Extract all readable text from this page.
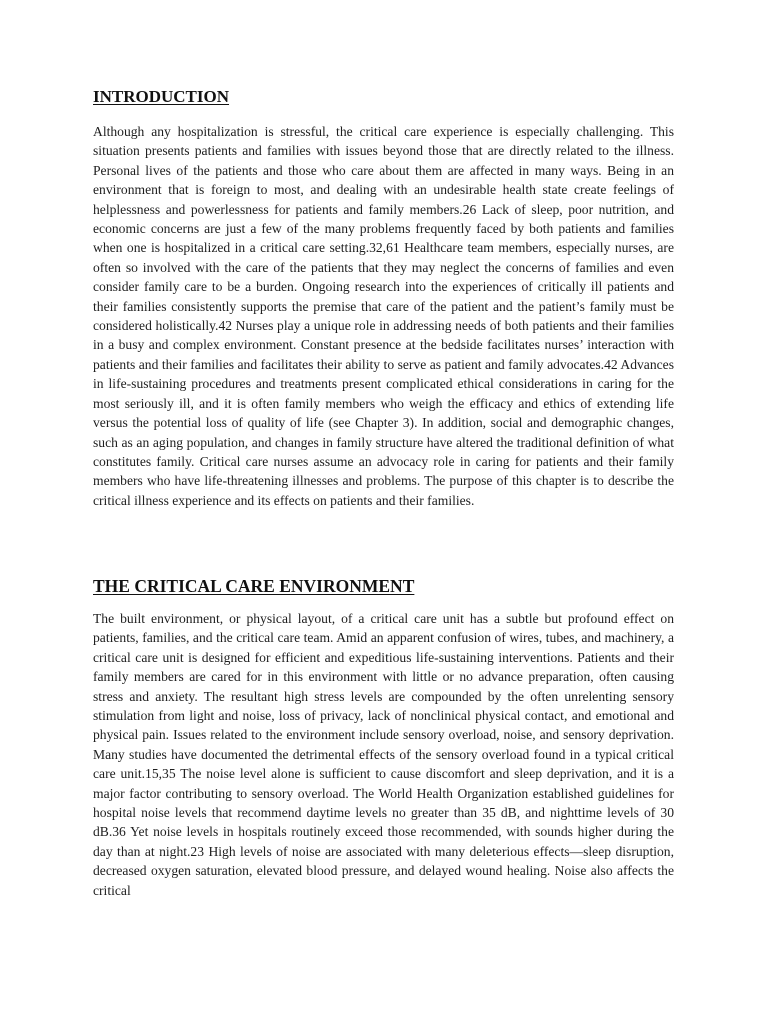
INTRODUCTION

Although any hospitalization is stressful, the critical care experience is especially challenging. This situation presents patients and families with issues beyond those that are directly related to the illness. Personal lives of the patients and those who care about them are affected in many ways. Being in an environment that is foreign to most, and dealing with an undesirable health state create feelings of helplessness and powerlessness for patients and family members.26 Lack of sleep, poor nutrition, and economic concerns are just a few of the many problems frequently faced by both patients and families when one is hospitalized in a critical care setting.32,61 Healthcare team members, especially nurses, are often so involved with the care of the patients that they may neglect the concerns of families and even consider family care to be a burden. Ongoing research into the experiences of critically ill patients and their families consistently supports the premise that care of the patient and the patient’s family must be considered holistically.42 Nurses play a unique role in addressing needs of both patients and their families in a busy and complex environment. Constant presence at the bedside facilitates nurses’ interaction with patients and their families and facilitates their ability to serve as patient and family advocates.42 Advances in life-sustaining procedures and treatments present complicated ethical considerations in caring for the most seriously ill, and it is often family members who weigh the efficacy and ethics of extending life versus the potential loss of quality of life (see Chapter 3). In addition, social and demographic changes, such as an aging population, and changes in family structure have altered the traditional definition of what constitutes family. Critical care nurses assume an advocacy role in caring for patients and their family members who have life-threatening illnesses and problems. The purpose of this chapter is to describe the critical illness experience and its effects on patients and their families.

THE CRITICAL CARE ENVIRONMENT

The built environment, or physical layout, of a critical care unit has a subtle but profound effect on patients, families, and the critical care team. Amid an apparent confusion of wires, tubes, and machinery, a critical care unit is designed for efficient and expeditious life-sustaining interventions. Patients and their family members are cared for in this environment with little or no advance preparation, often causing stress and anxiety. The resultant high stress levels are compounded by the often unrelenting sensory stimulation from light and noise, loss of privacy, lack of nonclinical physical contact, and emotional and physical pain. Issues related to the environment include sensory overload, noise, and sensory deprivation. Many studies have documented the detrimental effects of the sensory overload found in a typical critical care unit.15,35 The noise level alone is sufficient to cause discomfort and sleep deprivation, and it is a major factor contributing to sensory overload. The World Health Organization established guidelines for hospital noise levels that recommend daytime levels no greater than 35 dB, and nighttime levels of 30 dB.36 Yet noise levels in hospitals routinely exceed those recommended, with sounds higher during the day than at night.23 High levels of noise are associated with many deleterious effects—sleep disruption, decreased oxygen saturation, elevated blood pressure, and delayed wound healing. Noise also affects the critical
